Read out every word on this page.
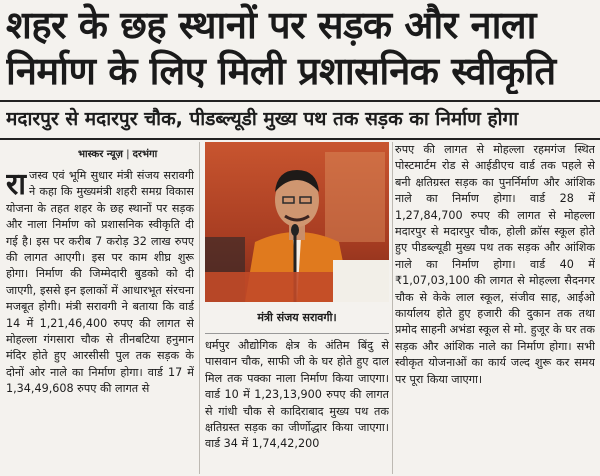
शहर के छह स्थानों पर सड़क और नाला
निर्माण के लिए मिली प्रशासनिक स्वीकृति
मदारपुर से मदारपुर चौक, पीडब्ल्यूडी मुख्य पथ तक सड़क का निर्माण होगा
भास्कर न्यूज़ | दरभंगा
रा जस्व एवं भूमि सुधार मंत्री संजय सरावगी ने कहा कि मुख्यमंत्री शहरी समग्र विकास योजना के तहत शहर के छह स्थानों पर सड़क और नाला निर्माण को प्रशासनिक स्वीकृति दी गई है। इस पर करीब 7 करोड़ 32 लाख रुपए की लागत आएगी। इस पर काम शीघ्र शुरू होगा। निर्माण की जिम्मेदारी बुडको को दी जाएगी, इससे इन इलाकों में आधारभूत संरचना मजबूत होगी। मंत्री सरावगी ने बताया कि वार्ड 14 में 1,21,46,400 रुपए की लागत से मोहल्ला गंगसारा चौक से तीनबटिया हनुमान मंदिर होते हुए आरसीसी पुल तक सड़क के दोनों ओर नाले का निर्माण होगा। वार्ड 17 में 1,34,49,608 रुपए की लागत से

मंत्री संजय सरावगी।

धर्मपुर औद्योगिक क्षेत्र के अंतिम बिंदु से पासवान चौक, साफी जी के घर होते हुए दाल मिल तक पक्का नाला निर्माण किया जाएगा। वार्ड 10 में 1,23,13,900 रुपए की लागत से गांधी चौक से कादिराबाद मुख्य पथ तक क्षतिग्रस्त सड़क का जीर्णोद्धार किया जाएगा। वार्ड 34 में 1,74,42,200

रुपए की लागत से मोहल्ला रहमगंज स्थित पोस्टमार्टम रोड से आईडीएच वार्ड तक पहले से बनी क्षतिग्रस्त सड़क का पुनर्निर्माण और आंशिक नाले का निर्माण होगा। वार्ड 28 में 1,27,84,700 रुपए की लागत से मोहल्ला मदारपुर से मदारपुर चौक, होली क्रॉस स्कूल होते हुए पीडब्ल्यूडी मुख्य पथ तक सड़क और आंशिक नाले का निर्माण होगा। वार्ड 40 में ₹1,07,03,100 की लागत से मोहल्ला सैदनगर चौक से केके लाल स्कूल, संजीव साह, आईओ कार्यालय होते हुए हजारी की दुकान तक तथा प्रमोद साहनी अभंडा स्कूल से मो. हुजूर के घर तक सड़क और आंशिक नाले का निर्माण होगा। सभी स्वीकृत योजनाओं का कार्य जल्द शुरू कर समय पर पूरा किया जाएगा।
